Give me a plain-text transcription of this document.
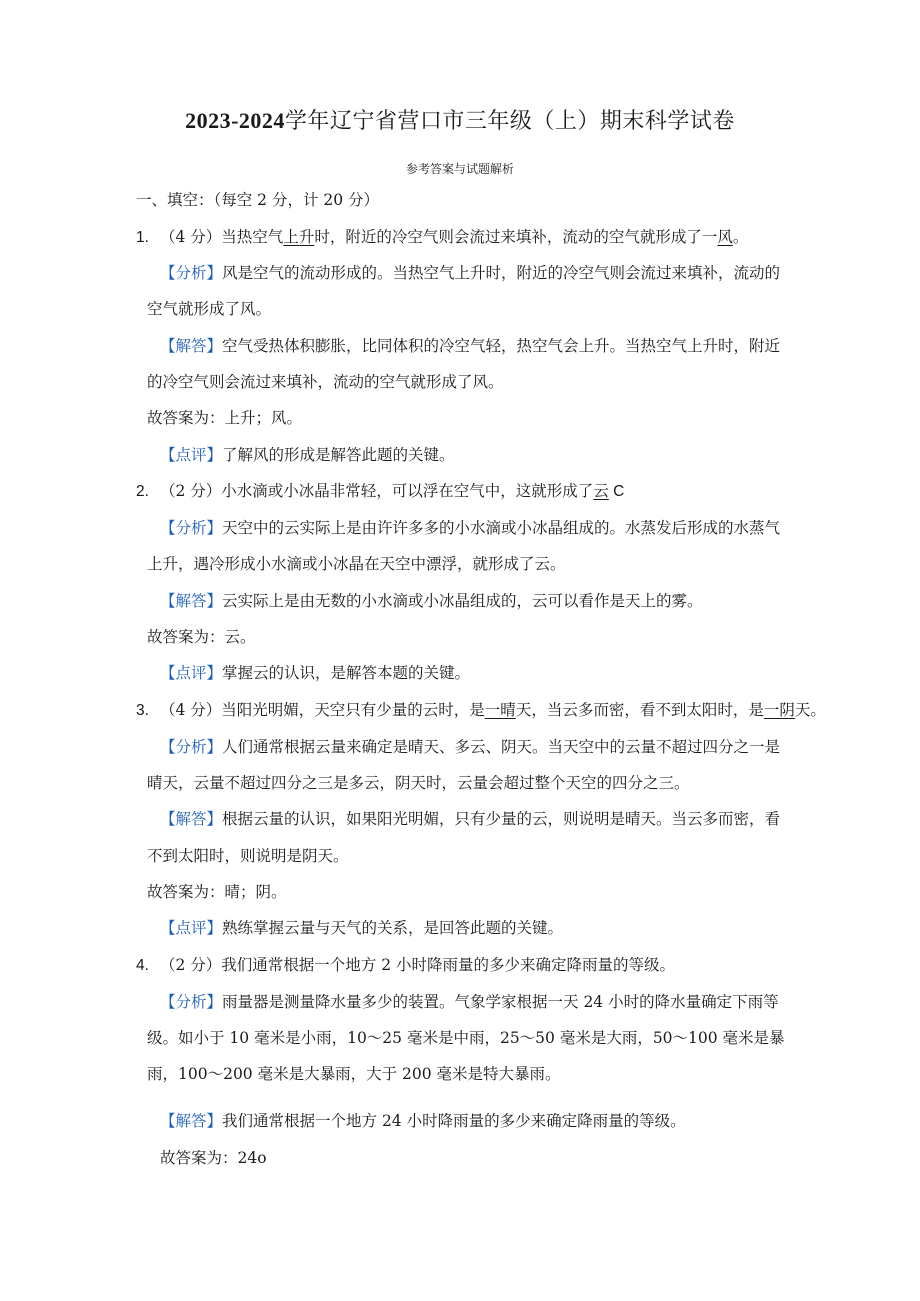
2023-2024学年辽宁省营口市三年级（上）期末科学试卷
参考答案与试题解析
一、填空：（每空 2 分，计 20 分）
1. （4 分）当热空气上升时，附近的冷空气则会流过来填补，流动的空气就形成了一风。
【分析】风是空气的流动形成的。当热空气上升时，附近的冷空气则会流过来填补，流动的
空气就形成了风。
【解答】空气受热体积膨胀，比同体积的冷空气轻，热空气会上升。当热空气上升时，附近
的冷空气则会流过来填补，流动的空气就形成了风。
故答案为：上升；风。
【点评】了解风的形成是解答此题的关键。
2. （2 分）小水滴或小冰晶非常轻，可以浮在空气中，这就形成了云 C
【分析】天空中的云实际上是由许许多多的小水滴或小冰晶组成的。水蒸发后形成的水蒸气
上升，遇冷形成小水滴或小冰晶在天空中漂浮，就形成了云。
【解答】云实际上是由无数的小水滴或小冰晶组成的，云可以看作是天上的雾。
故答案为：云。
【点评】掌握云的认识，是解答本题的关键。
3. （4 分）当阳光明媚，天空只有少量的云时，是一晴天，当云多而密，看不到太阳时，是一阴天。
【分析】人们通常根据云量来确定是晴天、多云、阴天。当天空中的云量不超过四分之一是
晴天，云量不超过四分之三是多云，阴天时，云量会超过整个天空的四分之三。
【解答】根据云量的认识，如果阳光明媚，只有少量的云，则说明是晴天。当云多而密，看
不到太阳时，则说明是阴天。
故答案为：晴；阴。
【点评】熟练掌握云量与天气的关系，是回答此题的关键。
4. （2 分）我们通常根据一个地方 2 小时降雨量的多少来确定降雨量的等级。
【分析】雨量器是测量降水量多少的装置。气象学家根据一天 24 小时的降水量确定下雨等
级。如小于 10 毫米是小雨，10～25 毫米是中雨，25～50 毫米是大雨，50～100 毫米是暴
雨，100～200 毫米是大暴雨，大于 200 毫米是特大暴雨。
【解答】我们通常根据一个地方 24 小时降雨量的多少来确定降雨量的等级。
故答案为：24o
